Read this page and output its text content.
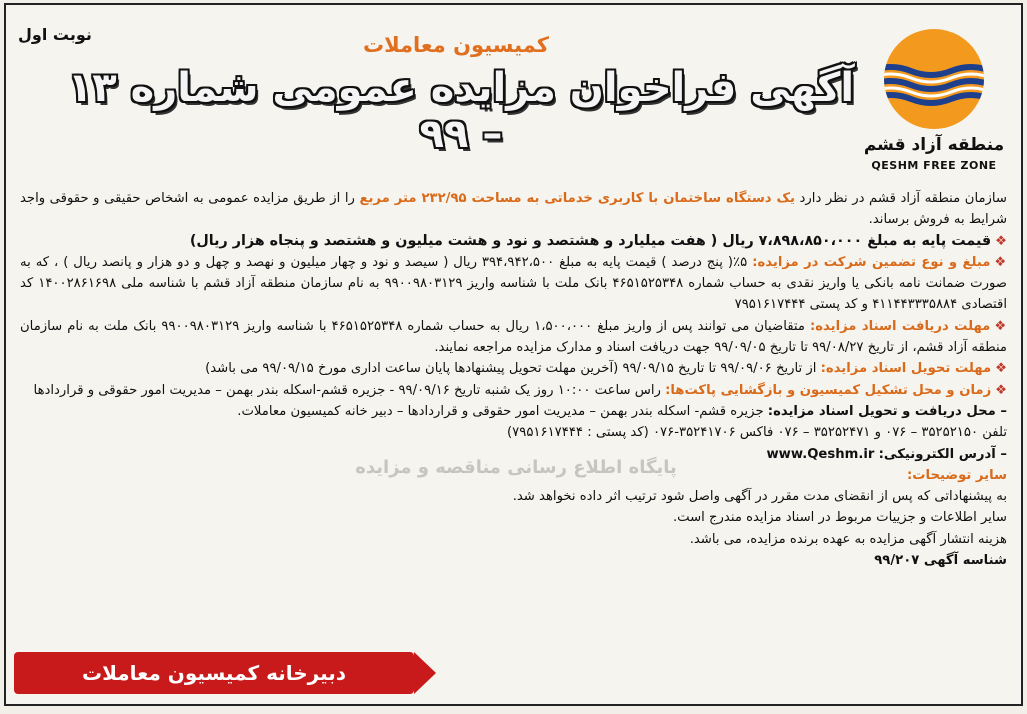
نوبت اول	کمیسیون معاملات
آگهی فراخوان مزایده عمومی شماره ۱۳ – ۹۹	منطقه آزاد قشم
QESHM FREE ZONE

سازمان منطقه آزاد قشم در نظر دارد یک دستگاه ساختمان با کاربری خدماتی به مساحت ۲۳۲/۹۵ متر مربع را از طریق مزایده عمومی به اشخاص حقیقی و حقوقی واجد شرایط به فروش برساند.

❖قیمت پایه به مبلغ ۷،۸۹۸،۸۵۰،۰۰۰ ریال ( هفت میلیارد و هشتصد و نود و هشت میلیون و هشتصد و پنجاه هزار ریال)

❖مبلغ و نوع تضمین شرکت در مزایده: ۵٪( پنج درصد ) قیمت پایه به مبلغ ۳۹۴،۹۴۲،۵۰۰ ریال ( سیصد و نود و چهار میلیون و نهصد و چهل و دو هزار و پانصد ریال ) ، که به صورت ضمانت نامه بانکی یا واریز نقدی به حساب شماره ۴۶۵۱۵۲۵۳۴۸ بانک ملت با شناسه واریز ۹۹۰۰۹۸۰۳۱۲۹ به نام سازمان منطقه آزاد قشم با شناسه ملی ۱۴۰۰۲۸۶۱۶۹۸ کد اقتصادی ۴۱۱۴۴۳۳۳۵۸۸۴ و کد پستی ۷۹۵۱۶۱۷۴۴۴

❖مهلت دریافت اسناد مزایده: متقاضیان می توانند پس از واریز مبلغ ۱،۵۰۰،۰۰۰ ریال به حساب شماره ۴۶۵۱۵۲۵۳۴۸ با شناسه واریز ۹۹۰۰۹۸۰۳۱۲۹ بانک ملت به نام سازمان منطقه آزاد قشم، از تاریخ ۹۹/۰۸/۲۷ تا تاریخ ۹۹/۰۹/۰۵ جهت دریافت اسناد و مدارک مزایده مراجعه نمایند.

❖مهلت تحویل اسناد مزایده: از تاریخ ۹۹/۰۹/۰۶ تا تاریخ ۹۹/۰۹/۱۵ (آخرین مهلت تحویل پیشنهادها پایان ساعت اداری مورخ ۹۹/۰۹/۱۵ می باشد)

❖زمان و محل تشکیل کمیسیون و بازگشایی پاکت‌ها: راس ساعت ۱۰:۰۰ روز یک شنبه تاریخ ۹۹/۰۹/۱۶ - جزیره قشم-اسکله بندر بهمن – مدیریت امور حقوقی و قراردادها

– محل دریافت و تحویل اسناد مزایده: جزیره قشم- اسکله بندر بهمن – مدیریت امور حقوقی و قراردادها – دبیر خانه کمیسیون معاملات.

تلفن ۳۵۲۵۲۱۵۰ – ۰۷۶ و ۳۵۲۵۲۴۷۱ – ۰۷۶ فاکس ۳۵۲۴۱۷۰۶-۰۷۶ (کد پستی : ۷۹۵۱۶۱۷۴۴۴)

– آدرس الکترونیکی: www.Qeshm.ir

سایر توضیحات:

به پیشنهاداتی که پس از انقضای مدت مقرر در آگهی واصل شود ترتیب اثر داده نخواهد شد.

سایر اطلاعات و جزییات مربوط در اسناد مزایده مندرج است.

هزینه انتشار آگهی مزایده به عهده برنده مزایده، می باشد.

شناسه آگهی ۹۹/۲۰۷

پایگاه اطلاع رسانی مناقصه و مزایده
دبیرخانه کمیسیون معاملات
